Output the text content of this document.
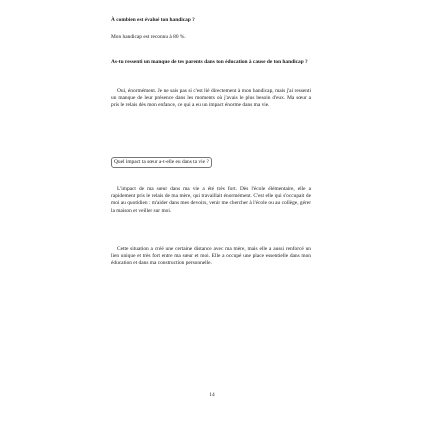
À combien est évalué ton handicap ?
Mon handicap est reconnu à 80 %.
As-tu ressenti un manque de tes parents dans ton éducation à cause de ton handicap ?
Oui, énormément. Je ne sais pas si c'est lié directement à mon handicap, mais j'ai ressenti un manque de leur présence dans les moments où j'avais le plus besoin d'eux. Ma sœur a pris le relais dès mon enfance, ce qui a eu un impact énorme dans ma vie.
Quel impact ta sœur a-t-elle eu dans ta vie ?
L'impact de ma sœur dans ma vie a été très fort. Dès l'école élémentaire, elle a rapidement pris le relais de ma mère, qui travaillait énormément. C'est elle qui s'occupait de moi au quotidien : m'aider dans mes devoirs, venir me chercher à l'école ou au collège, gérer la maison et veiller sur moi.
Cette situation a créé une certaine distance avec ma mère, mais elle a aussi renforcé un lien unique et très fort entre ma sœur et moi. Elle a occupé une place essentielle dans mon éducation et dans ma construction personnelle.
14
